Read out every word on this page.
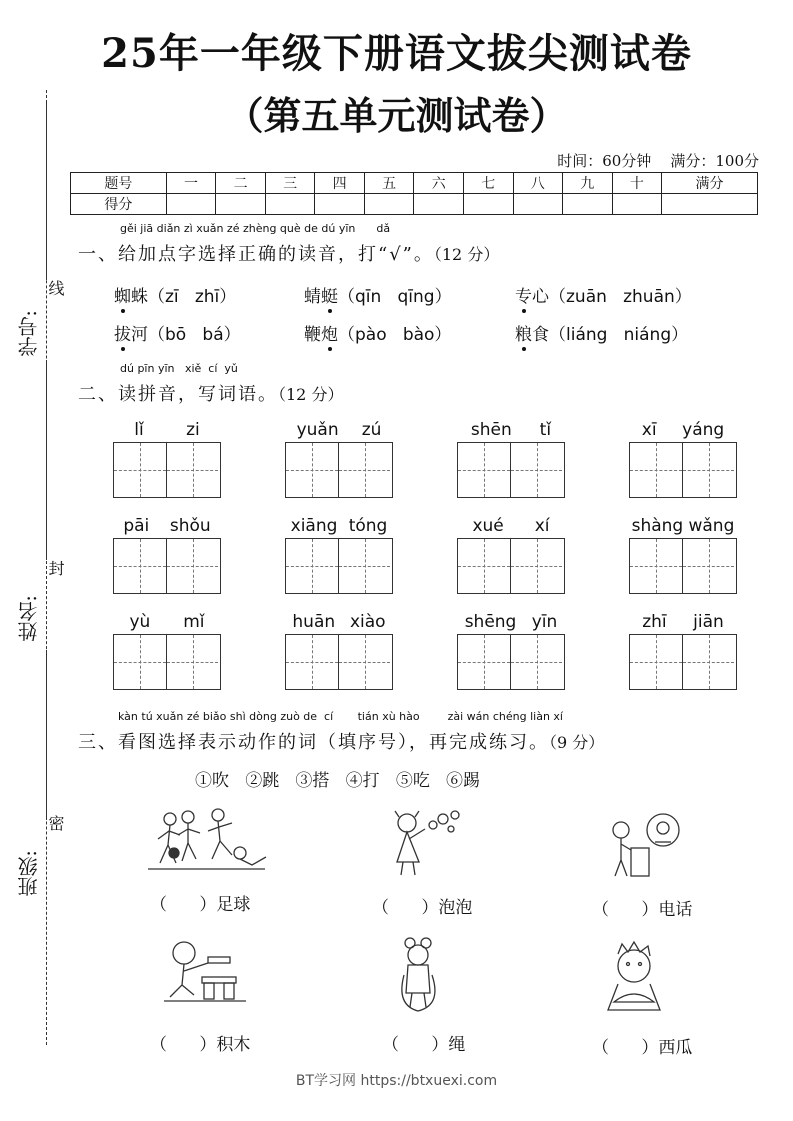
学号:
线
姓名:
封
班级:
密
25年一年级下册语文拔尖测试卷
（第五单元测试卷）
时间：60分钟 满分：100分
题号	一	二	三	四	五	六	七	八	九	十	满分
得分											
gěi jiā diǎn zì xuǎn zé zhèng què de dú yīn      dǎ
一、给加点字选择正确的读音，打“√”。（12 分）
蜘蛛（zī   zhī）	蜻蜓（qīn   qīng）	专心（zuān   zhuān）
拔河（bō   bá）	鞭炮（pào   bào）	粮食（liáng   niáng）
dú pīn yīn   xiě  cí  yǔ
二、读拼音，写词语。（12 分）
lǐ zi	yuǎn zú	shēn tǐ	xī yáng
pāi shǒu	xiāng tóng	xué xí	shàng wǎng
yù mǐ	huān xiào	shēng yīn	zhī jiān
kàn tú xuǎn zé biǎo shì dòng zuò de  cí       tián xù hào        zài wán chéng liàn xí
三、看图选择表示动作的词（填序号），再完成练习。（9 分）
①吹   ②跳   ③搭   ④打   ⑤吃   ⑥踢
（      ）足球	（      ）泡泡	（      ）电话
（      ）积木	（      ）绳	（      ）西瓜
BT学习网 https://btxuexi.com
